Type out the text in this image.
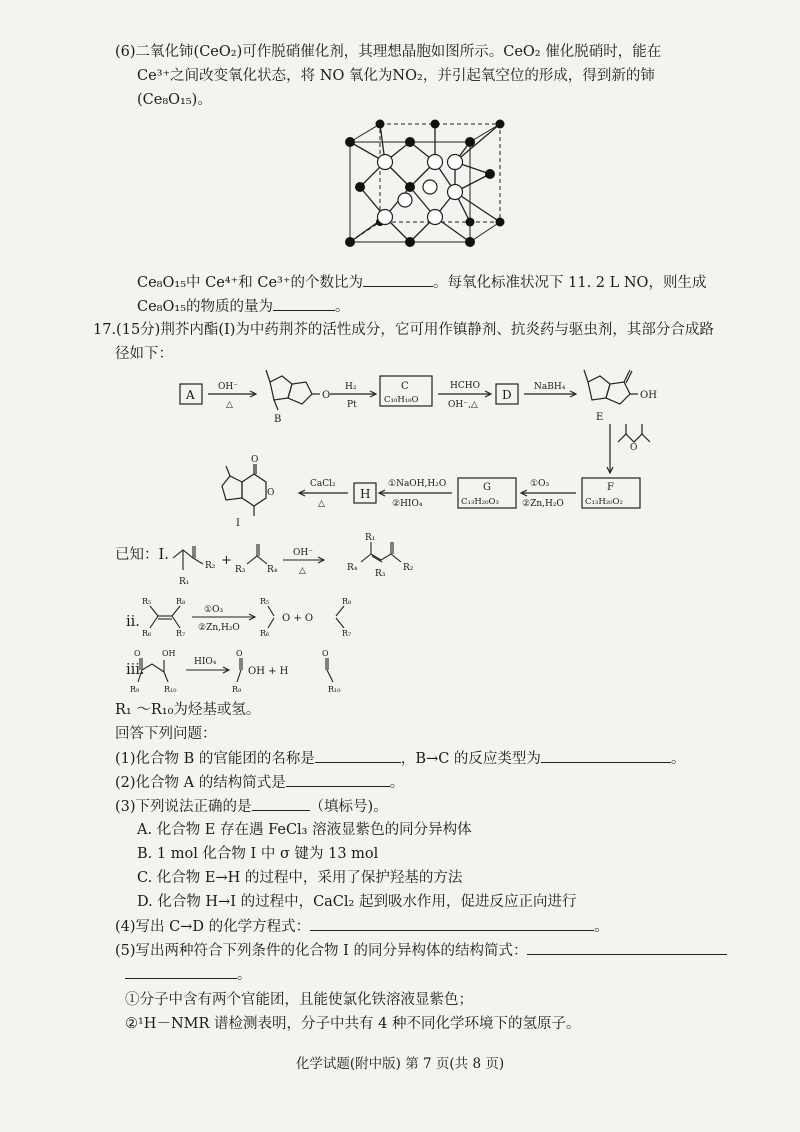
(6)二氧化铈(CeO₂)可作脱硝催化剂，其理想晶胞如图所示。CeO₂ 催化脱硝时，能在
Ce³⁺之间改变氧化状态，将 NO 氧化为NO₂，并引起氧空位的形成，得到新的铈
(Ce₈O₁₅)。
Ce₈O₁₅中 Ce⁴⁺和 Ce³⁺的个数比为	。每氧化标准状况下 11. 2 L NO，则生成
Ce₈O₁₅的物质的量为	。
17.(15分)荆芥内酯(I)为中药荆芥的活性成分，它可用作镇静剂、抗炎药与驱虫剂，其部分合成路
径如下：
A
OH⁻
△
O
B
H₂
Pt
C
C₁₀H₁₈O
HCHO
OH⁻,△
D
NaBH₄
OH
E
O
F
C₁₃H₂₀O₂
①O₃
②Zn,H₂O
G
C₁₃H₂₀O₃
①NaOH,H₂O
②HIO₄
H
CaCl₂
△
O
O
I
已知：Ⅰ.
R₁
R₂ +
R₃ R₄
OH⁻
△
R₁
R₄
R₃
R₂
ⅱ.
R₅
R₆
R₈
R₇
①O₃
②Zn,H₂O
R₅
R₆
O + O
R₈
R₇
ⅲ.
O	OH
R₉	R₁₀
HIO₄
O
OH + H
O
R₉	R₁₀
R₁ ～R₁₀为烃基或氢。
回答下列问题：
(1)化合物 B 的官能团的名称是	，B→C 的反应类型为	。
(2)化合物 A 的结构简式是	。
(3)下列说法正确的是	（填标号)。
A. 化合物 E 存在遇 FeCl₃ 溶液显紫色的同分异构体
B. 1 mol 化合物 I 中 σ 键为 13 mol
C. 化合物 E→H 的过程中，采用了保护羟基的方法
D. 化合物 H→I 的过程中，CaCl₂ 起到吸水作用，促进反应正向进行
(4)写出 C→D 的化学方程式：	。
(5)写出两种符合下列条件的化合物 I 的同分异构体的结构简式：
。
①分子中含有两个官能团，且能使氯化铁溶液显紫色；
②¹H－NMR 谱检测表明，分子中共有 4 种不同化学环境下的氢原子。
化学试题(附中版) 第 7 页(共 8 页)
